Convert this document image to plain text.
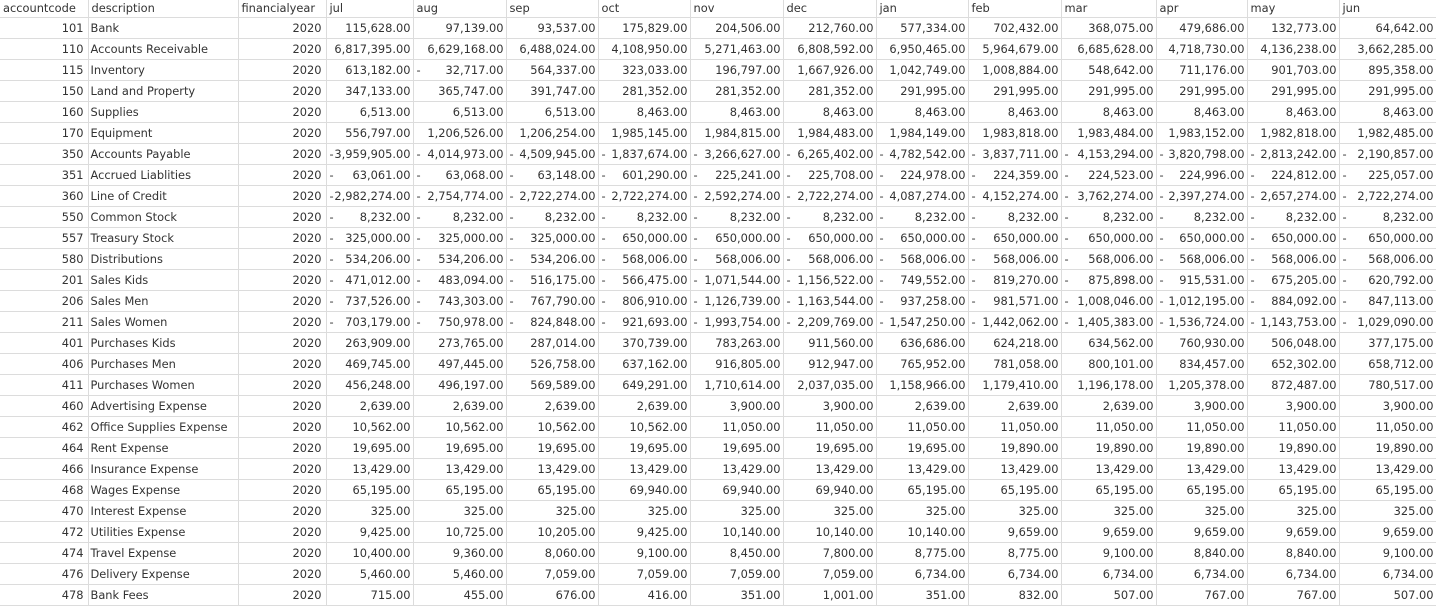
accountcode	description	financialyear	jul	aug	sep	oct	nov	dec	jan	feb	mar	apr	may	jun
101	Bank	2020	115,628.00	97,139.00	93,537.00	175,829.00	204,506.00	212,760.00	577,334.00	702,432.00	368,075.00	479,686.00	132,773.00	64,642.00
110	Accounts Receivable	2020	6,817,395.00	6,629,168.00	6,488,024.00	4,108,950.00	5,271,463.00	6,808,592.00	6,950,465.00	5,964,679.00	6,685,628.00	4,718,730.00	4,136,238.00	3,662,285.00
115	Inventory	2020	613,182.00	- 32,717.00	564,337.00	323,033.00	196,797.00	1,667,926.00	1,042,749.00	1,008,884.00	548,642.00	711,176.00	901,703.00	895,358.00
150	Land and Property	2020	347,133.00	365,747.00	391,747.00	281,352.00	281,352.00	281,352.00	291,995.00	291,995.00	291,995.00	291,995.00	291,995.00	291,995.00
160	Supplies	2020	6,513.00	6,513.00	6,513.00	8,463.00	8,463.00	8,463.00	8,463.00	8,463.00	8,463.00	8,463.00	8,463.00	8,463.00
170	Equipment	2020	556,797.00	1,206,526.00	1,206,254.00	1,985,145.00	1,984,815.00	1,984,483.00	1,984,149.00	1,983,818.00	1,983,484.00	1,983,152.00	1,982,818.00	1,982,485.00
350	Accounts Payable	2020	- 3,959,905.00	- 4,014,973.00	- 4,509,945.00	- 1,837,674.00	- 3,266,627.00	- 6,265,402.00	- 4,782,542.00	- 3,837,711.00	- 4,153,294.00	- 3,820,798.00	- 2,813,242.00	- 2,190,857.00
351	Accrued Liablities	2020	- 63,061.00	- 63,068.00	- 63,148.00	- 601,290.00	- 225,241.00	- 225,708.00	- 224,978.00	- 224,359.00	- 224,523.00	- 224,996.00	- 224,812.00	- 225,057.00
360	Line of Credit	2020	- 2,982,274.00	- 2,754,774.00	- 2,722,274.00	- 2,722,274.00	- 2,592,274.00	- 2,722,274.00	- 4,087,274.00	- 4,152,274.00	- 3,762,274.00	- 2,397,274.00	- 2,657,274.00	- 2,722,274.00
550	Common Stock	2020	- 8,232.00	- 8,232.00	- 8,232.00	- 8,232.00	- 8,232.00	- 8,232.00	- 8,232.00	- 8,232.00	- 8,232.00	- 8,232.00	- 8,232.00	- 8,232.00
557	Treasury Stock	2020	- 325,000.00	- 325,000.00	- 325,000.00	- 650,000.00	- 650,000.00	- 650,000.00	- 650,000.00	- 650,000.00	- 650,000.00	- 650,000.00	- 650,000.00	- 650,000.00
580	Distributions	2020	- 534,206.00	- 534,206.00	- 534,206.00	- 568,006.00	- 568,006.00	- 568,006.00	- 568,006.00	- 568,006.00	- 568,006.00	- 568,006.00	- 568,006.00	- 568,006.00
201	Sales Kids	2020	- 471,012.00	- 483,094.00	- 516,175.00	- 566,475.00	- 1,071,544.00	- 1,156,522.00	- 749,552.00	- 819,270.00	- 875,898.00	- 915,531.00	- 675,205.00	- 620,792.00
206	Sales Men	2020	- 737,526.00	- 743,303.00	- 767,790.00	- 806,910.00	- 1,126,739.00	- 1,163,544.00	- 937,258.00	- 981,571.00	- 1,008,046.00	- 1,012,195.00	- 884,092.00	- 847,113.00
211	Sales Women	2020	- 703,179.00	- 750,978.00	- 824,848.00	- 921,693.00	- 1,993,754.00	- 2,209,769.00	- 1,547,250.00	- 1,442,062.00	- 1,405,383.00	- 1,536,724.00	- 1,143,753.00	- 1,029,090.00
401	Purchases Kids	2020	263,909.00	273,765.00	287,014.00	370,739.00	783,263.00	911,560.00	636,686.00	624,218.00	634,562.00	760,930.00	506,048.00	377,175.00
406	Purchases Men	2020	469,745.00	497,445.00	526,758.00	637,162.00	916,805.00	912,947.00	765,952.00	781,058.00	800,101.00	834,457.00	652,302.00	658,712.00
411	Purchases Women	2020	456,248.00	496,197.00	569,589.00	649,291.00	1,710,614.00	2,037,035.00	1,158,966.00	1,179,410.00	1,196,178.00	1,205,378.00	872,487.00	780,517.00
460	Advertising Expense	2020	2,639.00	2,639.00	2,639.00	2,639.00	3,900.00	3,900.00	2,639.00	2,639.00	2,639.00	3,900.00	3,900.00	3,900.00
462	Office Supplies Expense	2020	10,562.00	10,562.00	10,562.00	10,562.00	11,050.00	11,050.00	11,050.00	11,050.00	11,050.00	11,050.00	11,050.00	11,050.00
464	Rent Expense	2020	19,695.00	19,695.00	19,695.00	19,695.00	19,695.00	19,695.00	19,695.00	19,890.00	19,890.00	19,890.00	19,890.00	19,890.00
466	Insurance Expense	2020	13,429.00	13,429.00	13,429.00	13,429.00	13,429.00	13,429.00	13,429.00	13,429.00	13,429.00	13,429.00	13,429.00	13,429.00
468	Wages Expense	2020	65,195.00	65,195.00	65,195.00	69,940.00	69,940.00	69,940.00	65,195.00	65,195.00	65,195.00	65,195.00	65,195.00	65,195.00
470	Interest Expense	2020	325.00	325.00	325.00	325.00	325.00	325.00	325.00	325.00	325.00	325.00	325.00	325.00
472	Utilities Expense	2020	9,425.00	10,725.00	10,205.00	9,425.00	10,140.00	10,140.00	10,140.00	9,659.00	9,659.00	9,659.00	9,659.00	9,659.00
474	Travel Expense	2020	10,400.00	9,360.00	8,060.00	9,100.00	8,450.00	7,800.00	8,775.00	8,775.00	9,100.00	8,840.00	8,840.00	9,100.00
476	Delivery Expense	2020	5,460.00	5,460.00	7,059.00	7,059.00	7,059.00	7,059.00	6,734.00	6,734.00	6,734.00	6,734.00	6,734.00	6,734.00
478	Bank Fees	2020	715.00	455.00	676.00	416.00	351.00	1,001.00	351.00	832.00	507.00	767.00	767.00	507.00
